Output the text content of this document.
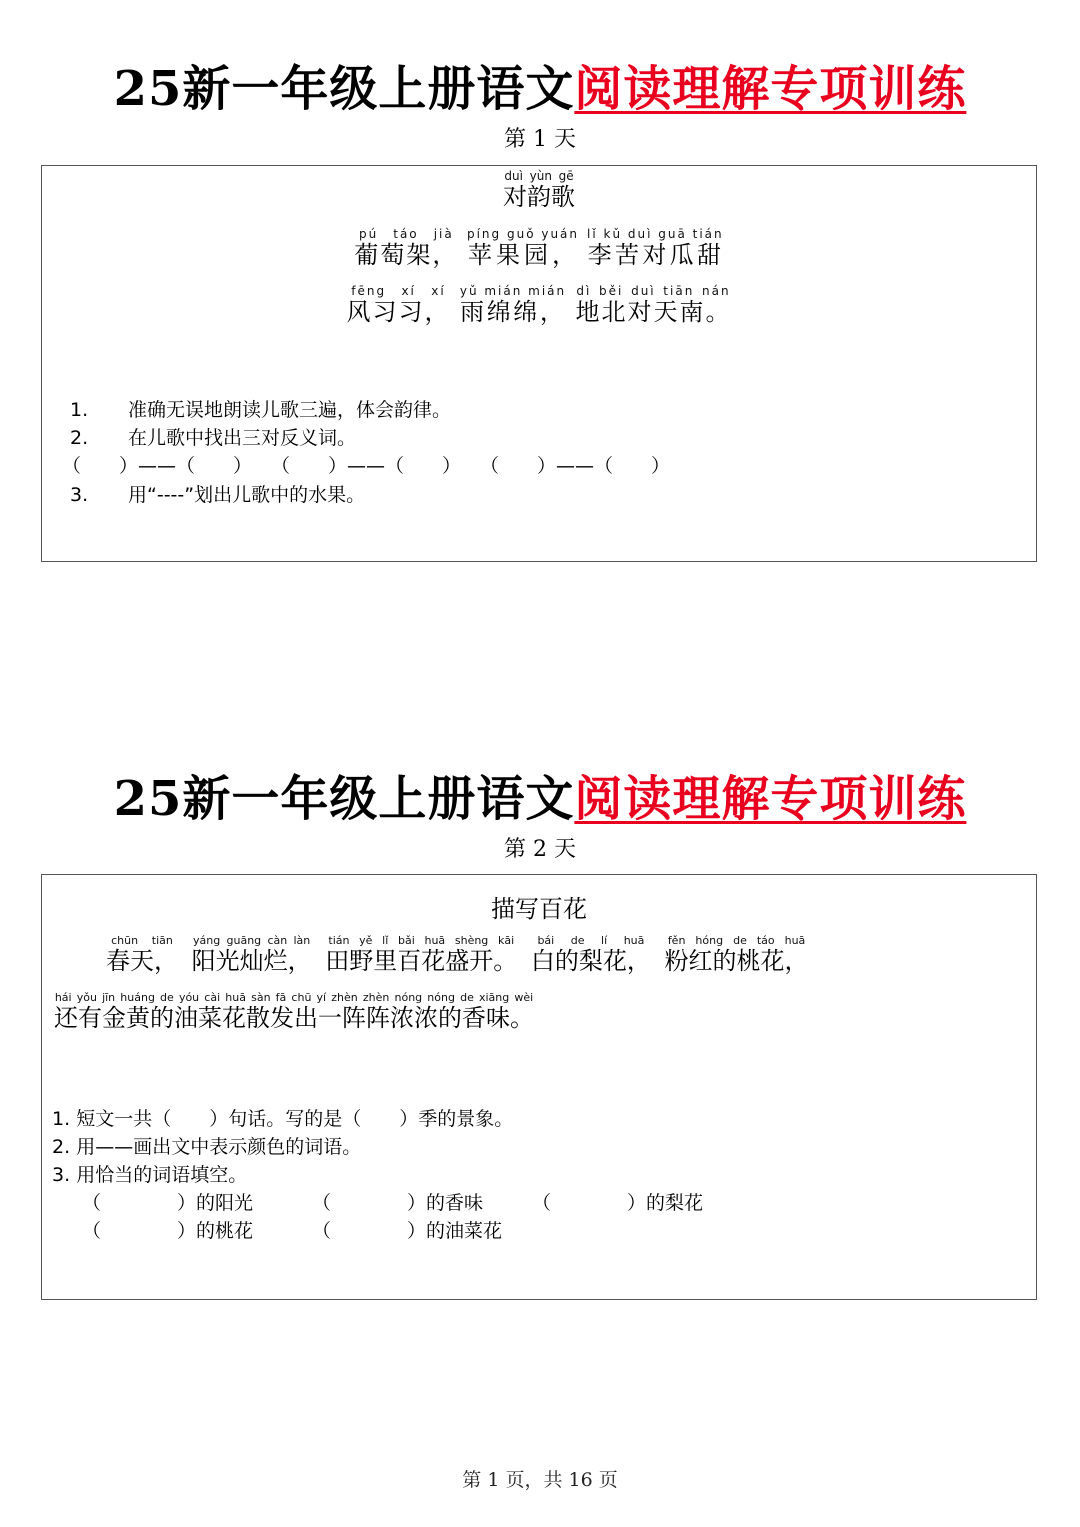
25新一年级上册语文阅读理解专项训练
第 1 天
对韵歌duì yùn gē
葡萄架，pú táo jià 苹果园，píng guǒ yuán 李苦对瓜甜lǐ kǔ duì guā tián
风习习，fēng xí xí 雨绵绵，yǔ mián mián 地北对天南。dì běi duì tiān nán
1. 准确无误地朗读儿歌三遍，体会韵律。
2. 在儿歌中找出三对反义词。
（　　）——（　　）　　（　　）——（　　）　　（　　）——（　　）
3. 用“----”划出儿歌中的水果。
25新一年级上册语文阅读理解专项训练
第 2 天
描写百花
春天，chūn tiān 阳光灿烂，yáng guāng càn làn 田野里百花盛开。tián yě lǐ bǎi huā shèng kāi 白的梨花，bái de lí huā 粉红的桃花，fěn hóng de táo huā
还有金黄的油菜花散发出一阵阵浓浓的香味。hái yǒu jīn huáng de yóu cài huā sàn fā chū yí zhèn zhèn nóng nóng de xiāng wèi
1. 短文一共（　　）句话。写的是（　　）季的景象。
2. 用——画出文中表示颜色的词语。
3. 用恰当的词语填空。
（　　　　）的阳光	（　　　　）的香味	（　　　　）的梨花
（　　　　）的桃花	（　　　　）的油菜花
第 1 页，共 16 页
